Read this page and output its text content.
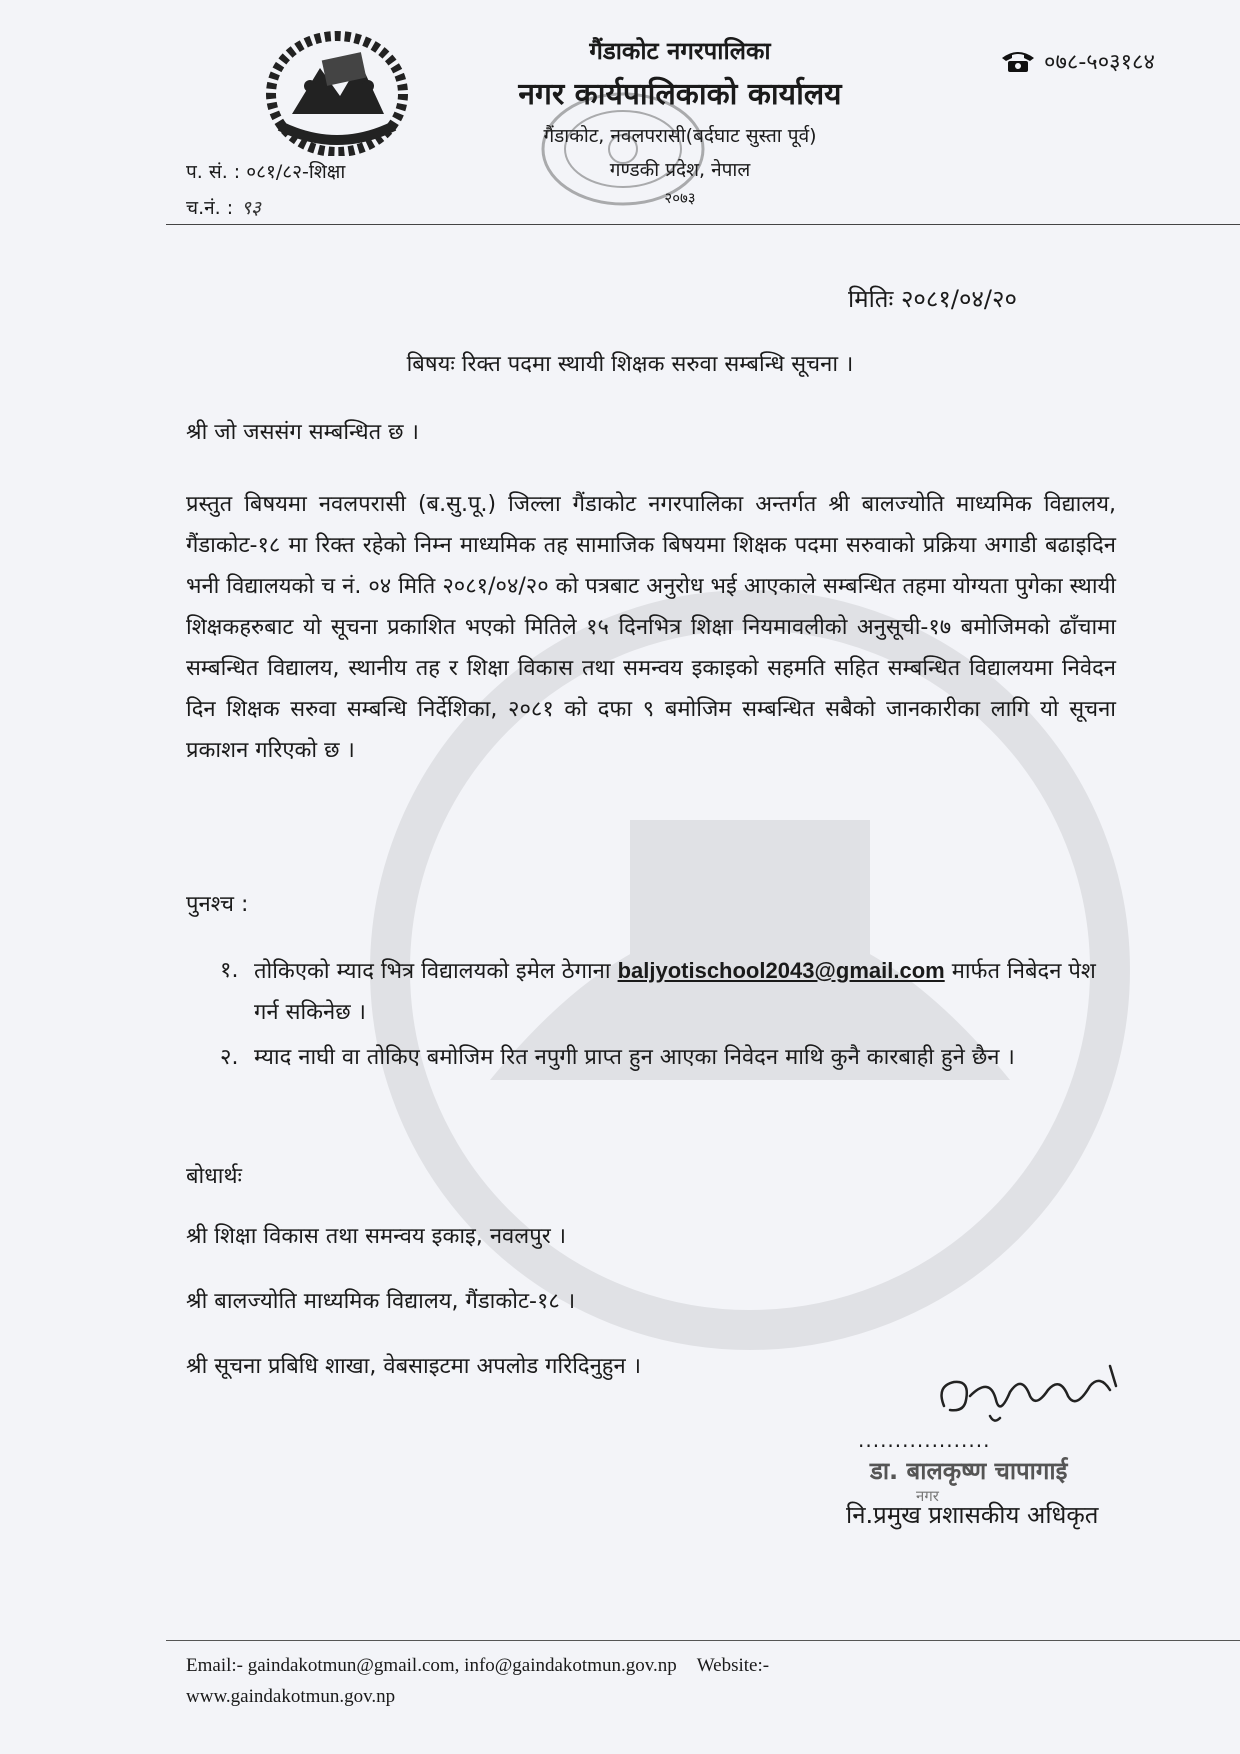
गैंडाकोट नगरपालिका
नगर कार्यपालिकाको कार्यालय
गैंडाकोट, नवलपरासी(बर्दघाट सुस्ता पूर्व)
गण्डकी प्रदेश, नेपाल
२०७३
०७८-५०३१८४
प. सं. : ०८१/८२-शिक्षा
च.नं. : ९३
मितिः २०८१/०४/२०
बिषयः रिक्त पदमा स्थायी शिक्षक सरुवा सम्बन्धि सूचना ।
श्री जो जससंग सम्बन्धित छ ।
प्रस्तुत बिषयमा नवलपरासी (ब.सु.पू.) जिल्ला गैंडाकोट नगरपालिका अन्तर्गत श्री बालज्योति माध्यमिक विद्यालय, गैंडाकोट-१८ मा रिक्त रहेको निम्न माध्यमिक तह सामाजिक बिषयमा शिक्षक पदमा सरुवाको प्रक्रिया अगाडी बढाइदिन भनी विद्यालयको च नं. ०४ मिति २०८१/०४/२० को पत्रबाट अनुरोध भई आएकाले सम्बन्धित तहमा योग्यता पुगेका स्थायी शिक्षकहरुबाट यो सूचना प्रकाशित भएको मितिले १५ दिनभित्र शिक्षा नियमावलीको अनुसूची-१७ बमोजिमको ढाँचामा सम्बन्धित विद्यालय, स्थानीय तह र शिक्षा विकास तथा समन्वय इकाइको सहमति सहित सम्बन्धित विद्यालयमा निवेदन दिन शिक्षक सरुवा सम्बन्धि निर्देशिका, २०८१ को दफा ९ बमोजिम सम्बन्धित सबैको जानकारीका लागि यो सूचना प्रकाशन गरिएको छ ।
पुनश्च :
१. तोकिएको म्याद भित्र विद्यालयको इमेल ठेगाना baljyotischool2043@gmail.com मार्फत निबेदन पेश गर्न सकिनेछ ।
२. म्याद नाघी वा तोकिए बमोजिम रित नपुगी प्राप्त हुन आएका निवेदन माथि कुनै कारबाही हुने छैन ।
बोधार्थः
श्री शिक्षा विकास तथा समन्वय इकाइ, नवलपुर ।
श्री बालज्योति माध्यमिक विद्यालय, गैंडाकोट-१८ ।
श्री सूचना प्रबिधि शाखा, वेबसाइटमा अपलोड गरिदिनुहुन ।
..................
डा. बालकृष्ण चापागाई
नगर
नि.प्रमुख प्रशासकीय अधिकृत
Email:- gaindakotmun@gmail.com, info@gaindakotmun.gov.np Website:-
www.gaindakotmun.gov.np
